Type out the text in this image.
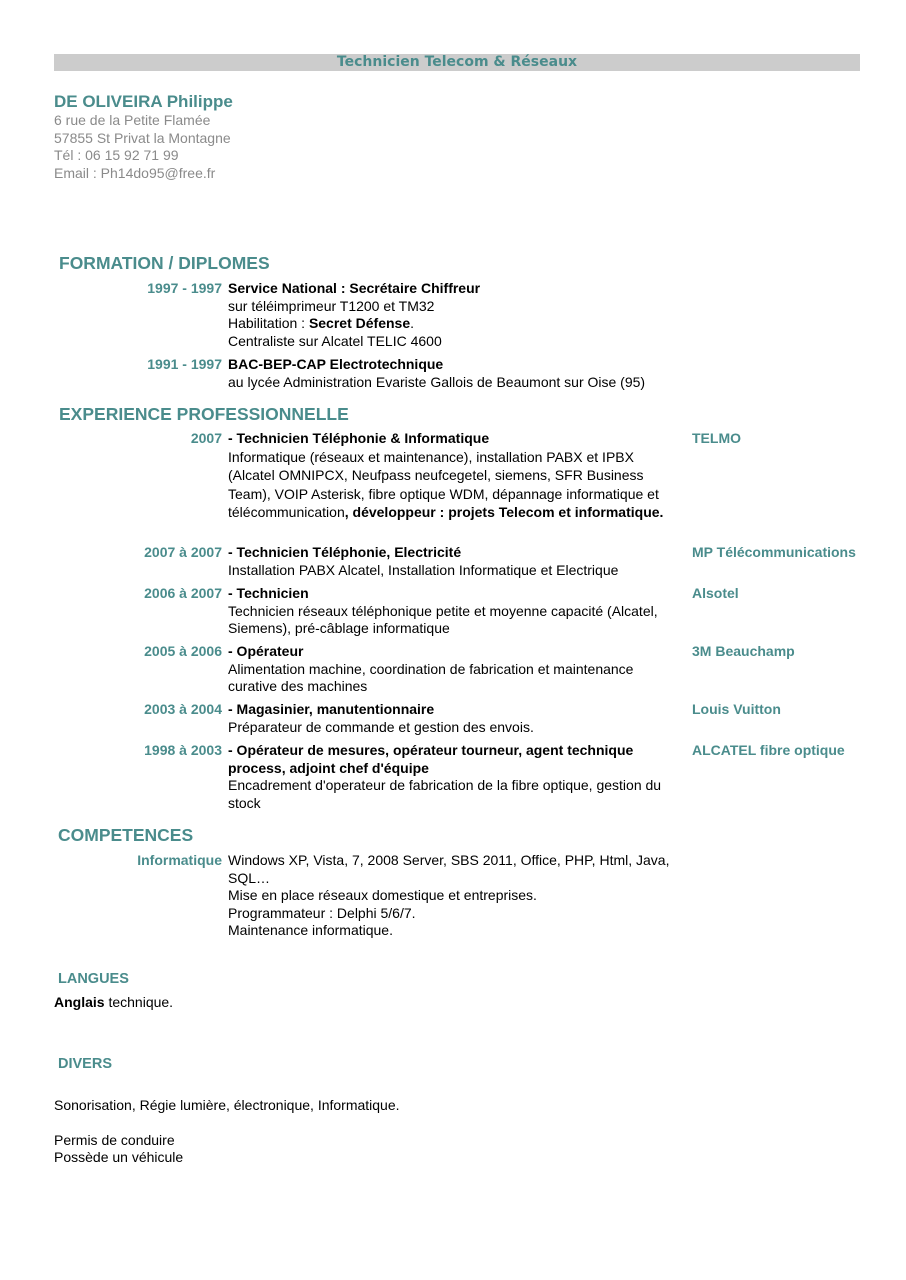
Technicien Telecom & Réseaux
DE OLIVEIRA Philippe
6 rue de la Petite Flamée
57855 St Privat la Montagne
Tél : 06 15 92 71 99
Email : Ph14do95@free.fr
FORMATION / DIPLOMES
1997 - 1997 Service National : Secrétaire Chiffreur
sur téléimprimeur T1200 et TM32
Habilitation : Secret Défense.
Centraliste sur Alcatel TELIC 4600
1991 - 1997 BAC-BEP-CAP Electrotechnique
au lycée Administration Evariste Gallois de Beaumont sur Oise (95)
EXPERIENCE PROFESSIONNELLE
2007 - Technicien Téléphonie & Informatique
Informatique (réseaux et maintenance), installation PABX et IPBX (Alcatel OMNIPCX, Neufpass neufcegetel, siemens, SFR Business Team), VOIP Asterisk, fibre optique WDM, dépannage informatique et télécommunication, développeur : projets Telecom et informatique.
TELMO
2007 à 2007 - Technicien Téléphonie, Electricité
Installation PABX Alcatel, Installation Informatique et Electrique
MP Télécommunications
2006 à 2007 - Technicien
Technicien réseaux téléphonique petite et moyenne capacité (Alcatel, Siemens), pré-câblage informatique
Alsotel
2005 à 2006 - Opérateur
Alimentation machine, coordination de fabrication et maintenance curative des machines
3M Beauchamp
2003 à 2004 - Magasinier, manutentionnaire
Préparateur de commande et gestion des envois.
Louis Vuitton
1998 à 2003 - Opérateur de mesures, opérateur tourneur, agent technique process, adjoint chef d'équipe
Encadrement d'operateur de fabrication de la fibre optique, gestion du stock
ALCATEL fibre optique
COMPETENCES
Informatique Windows XP, Vista, 7, 2008 Server, SBS 2011, Office, PHP, Html, Java, SQL…
Mise en place réseaux domestique et entreprises.
Programmateur : Delphi 5/6/7.
Maintenance informatique.
LANGUES
Anglais technique.
DIVERS
Sonorisation, Régie lumière, électronique, Informatique.
Permis de conduire
Possède un véhicule
